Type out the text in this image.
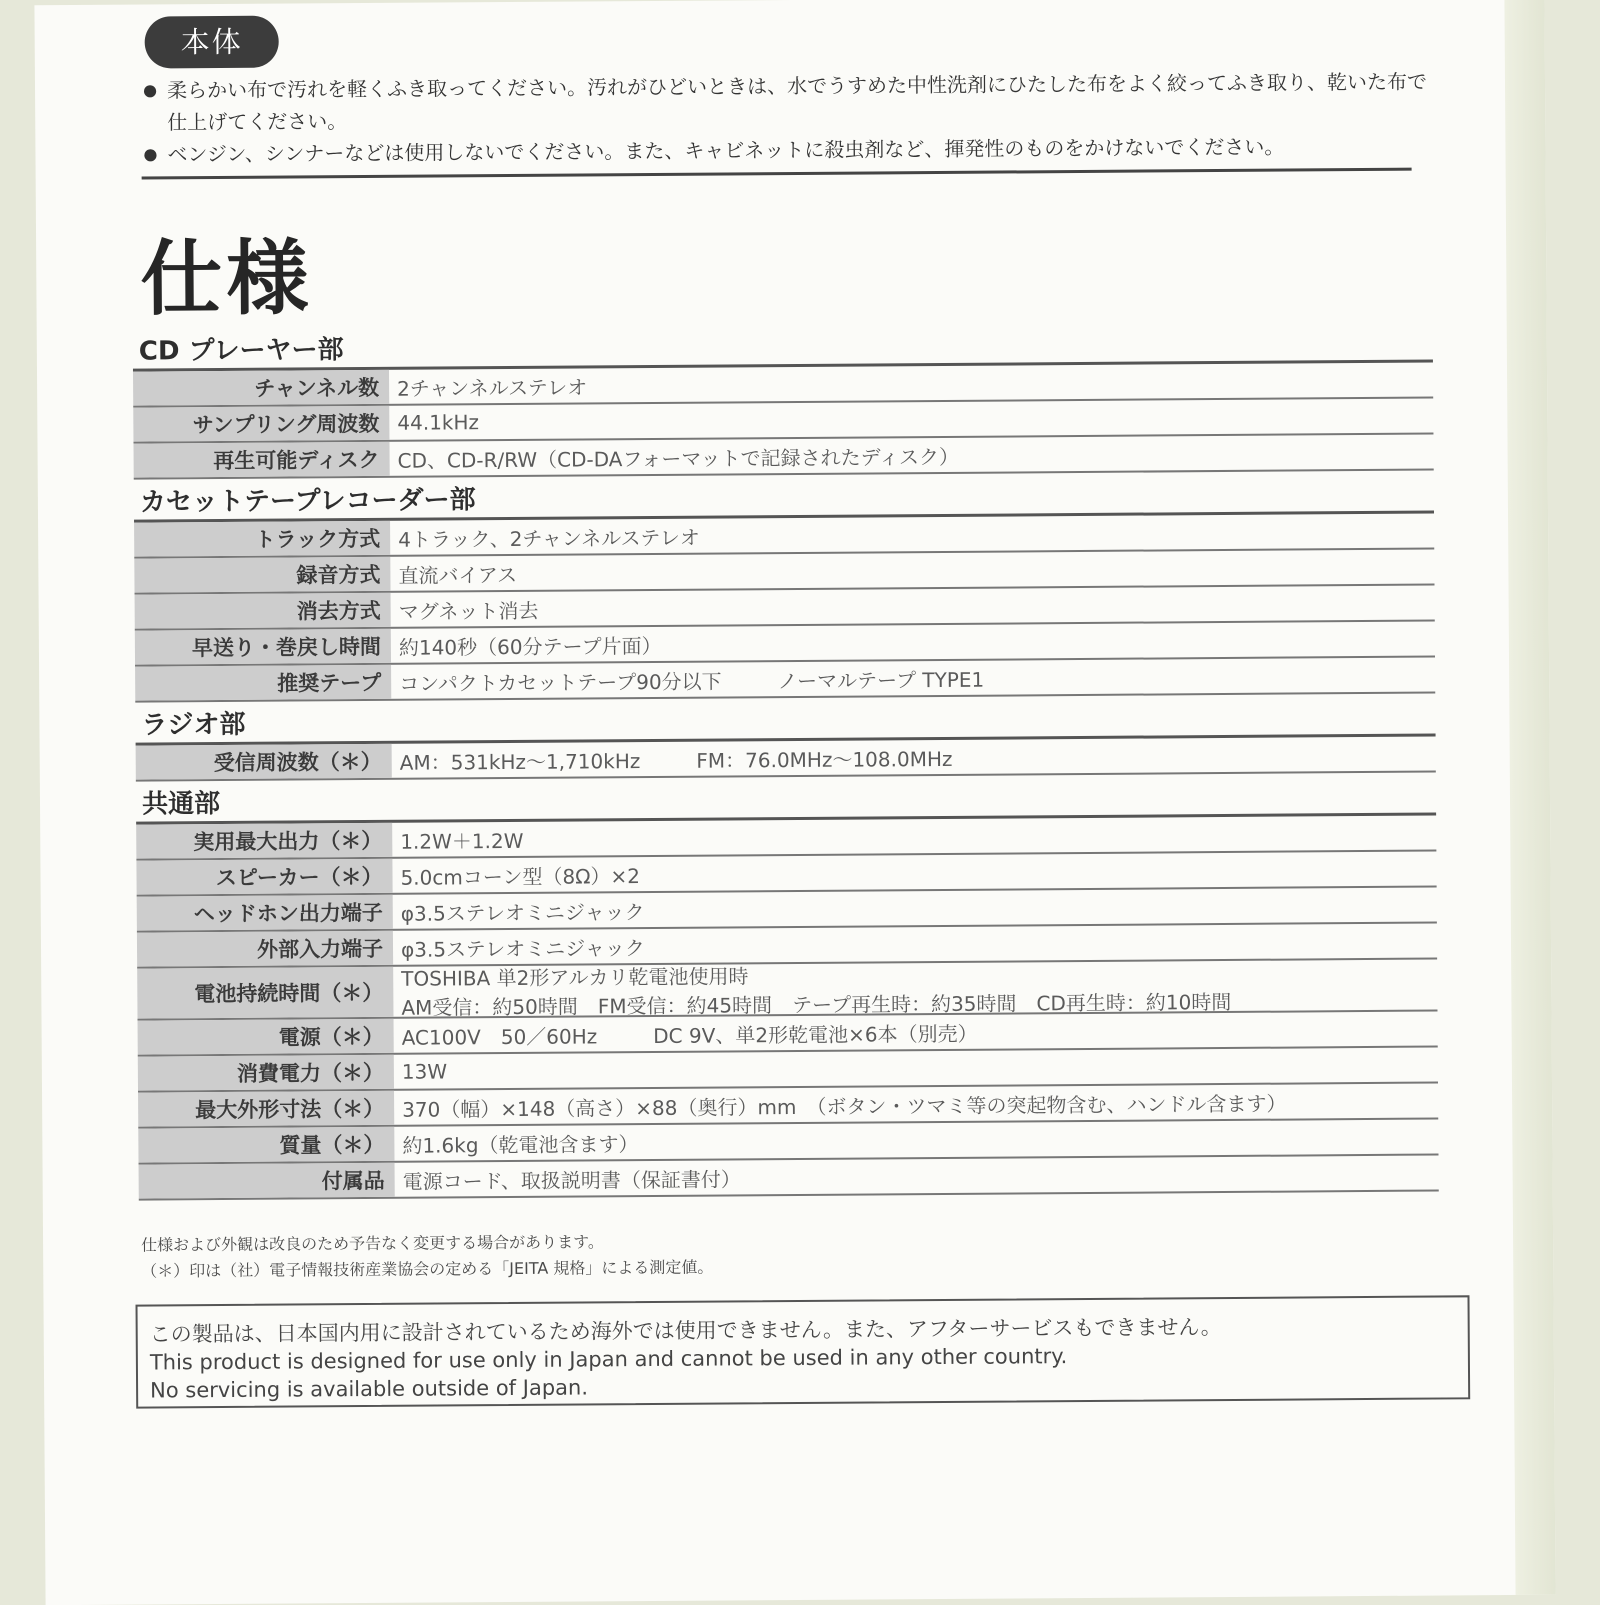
本体
● 柔らかい布で汚れを軽くふき取ってください。汚れがひどいときは、水でうすめた中性洗剤にひたした布をよく絞ってふき取り、乾いた布で仕上げてください。
● ベンジン、シンナーなどは使用しないでください。また、キャビネットに殺虫剤など、揮発性のものをかけないでください。
仕様
CD プレーヤー部
チャンネル数 2チャンネルステレオ
サンプリング周波数 44.1kHz
再生可能ディスク CD、CD-R/RW（CD-DAフォーマットで記録されたディスク）
カセットテープレコーダー部
トラック方式 4トラック、2チャンネルステレオ
録音方式 直流バイアス
消去方式 マグネット消去
早送り・巻戻し時間 約140秒（60分テープ片面）
推奨テープ コンパクトカセットテープ90分以下	ノーマルテープ TYPE1
ラジオ部
受信周波数（＊） AM：531kHz～1,710kHz	FM：76.0MHz～108.0MHz
共通部
実用最大出力（＊） 1.2W＋1.2W
スピーカー（＊） 5.0cmコーン型（8Ω）×2
ヘッドホン出力端子 φ3.5ステレオミニジャック
外部入力端子 φ3.5ステレオミニジャック
電池持続時間（＊）
TOSHIBA 単2形アルカリ乾電池使用時
AM受信：約50時間　FM受信：約45時間　テープ再生時：約35時間　CD再生時：約10時間
電源（＊） AC100V　50／60Hz	DC 9V、単2形乾電池×6本（別売）
消費電力（＊） 13W
最大外形寸法（＊） 370（幅）×148（高さ）×88（奥行）mm　（ボタン・ツマミ等の突起物含む、ハンドル含ます）
質量（＊） 約1.6kg（乾電池含ます）
付属品 電源コード、取扱説明書（保証書付）
仕様および外観は改良のため予告なく変更する場合があります。
（＊）印は（社）電子情報技術産業協会の定める「JEITA 規格」による測定値。
この製品は、日本国内用に設計されているため海外では使用できません。また、アフターサービスもできません。
This product is designed for use only in Japan and cannot be used in any other country.
No servicing is available outside of Japan.
